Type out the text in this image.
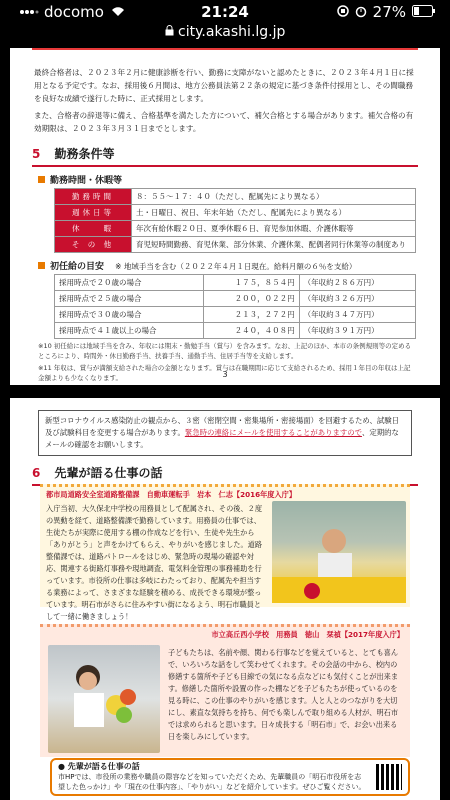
docomo	21:24	27%
city.akashi.lg.jp

最終合格者は、２０２３年２月に健康診断を行い、勤務に支障がないと認めたときに、２０２３年４月１日に採用となる予定です。なお、採用後６月間は、地方公務員法第２２条の規定に基づき条件付採用とし、その間職務を良好な成績で遂行した時に、正式採用とします。

また、合格者の辞退等に備え、合格基準を満たした方について、補欠合格とする場合があります。補欠合格の有効期限は、２０２３年３月３１日までとします。

5 勤務条件等
勤務時間・休暇等
勤務時間	８：５５～１７：４０（ただし、配属先により異なる）
週休日等	土・日曜日、祝日、年末年始（ただし、配属先により異なる）
休　　暇	年次有給休暇２０日、夏季休暇６日、育児参加休暇、介護休暇等
そ の 他	育児短時間勤務、育児休業、部分休業、介護休業、配偶者同行休業等の制度あり
初任給の目安 ※ 地域手当を含む（２０２２年４月１日現在。給料月額の６％を支給）
採用時点で２０歳の場合	１７５，８５４円	（年収約２８６万円）
採用時点で２５歳の場合	２００，０２２円	（年収約３２６万円）
採用時点で３０歳の場合	２１３，２７２円	（年収約３４７万円）
採用時点で４１歳以上の場合	２４０，４０８円	（年収約３９１万円）
※10 初任給には地域手当を含み、年収には期末・勤勉手当（賞与）を含みます。なお、上記のほか、本市の条例規則等の定めるところにより、時間外・休日勤務手当、扶養手当、通勤手当、住居手当等を支給します。
※11 年収は、賞与が満額支給された場合の金額となります。賞与は在職期間に応じて支給されるため、採用１年目の年収は上記金額よりも少なくなります。	3
新型コロナウイルス感染防止の観点から、３密（密閉空間・密集場所・密接場面）を回避するため、試験日及び試験科目を変更する場合があります。緊急時の連絡にメールを使用することがありますので、定期的なメールの確認をお願いします。
6 先輩が語る仕事の話
都市局道路安全室道路整備課　自動車運転手　岩本　仁志【2016年度入庁】
入庁当初、大久保北中学校の用務員として配属され、その後、２度の異動を経て、道路整備課で勤務しています。用務員の仕事では、生徒たちが実際に使用する棚の作成などを行い、生徒や先生から「ありがとう」と声をかけてもらえ、やりがいを感じました。道路整備課では、道路パトロールをはじめ、緊急時の現場の確認や対応、関連する街路灯事務や現地調査、電気料金管理の事務補助を行っています。市役所の仕事は多岐にわたっており、配属先や担当する業務によって、さまざまな経験を積める、成長できる環境が整っています。明石市がさらに住みやすい街になるよう、明石市職員として一緒に働きましょう！
市立高丘西小学校　用務員　徳山　栞禎【2017年度入庁】
子どもたちは、名前や顔、関わる行事などを覚えていると、とても喜んで、いろいろな話をして笑わせてくれます。その会話の中から、校内の修繕する箇所や子ども目線での気になる点などにも気付くことが出来ます。修繕した箇所や設置の作った棚などを子どもたちが使っているのを見る時に、この仕事のやりがいを感じます。人と人とのつながりを大切にし、素直な気持ちを持ち、何でも楽しんで取り組める人材が、明石市では求められると思います。日々成長する「明石市」で、お会い出来る日を楽しみにしています。
● 先輩が語る仕事の話
市HPでは、市役所の業務や職員の際容などを知っていただくため、先輩職員の「明石市役所を志望した色っかけ」や「現在の仕事内容」、「やりがい」などを紹介しています。ぜひご覧ください。
